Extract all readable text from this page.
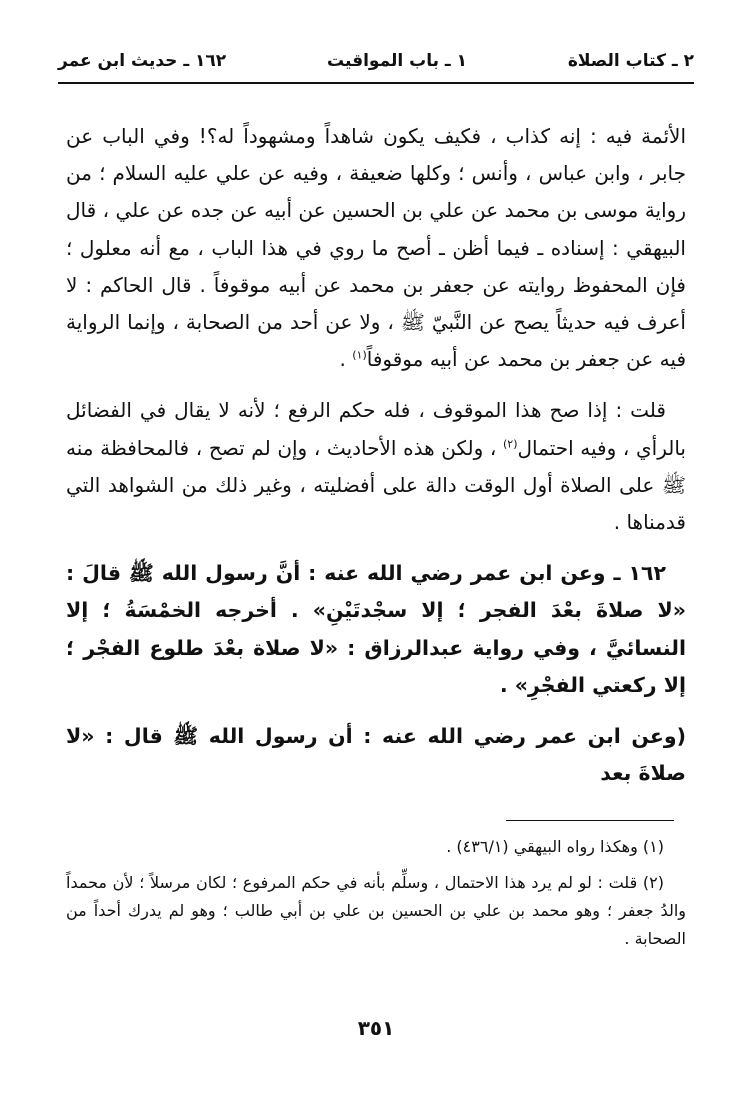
٢ ـ كتاب الصلاة
١ ـ باب المواقيت
١٦٢ ـ حديث ابن عمر

الأئمة فيه : إنه كذاب ، فكيف يكون شاهداً ومشهوداً له؟! وفي الباب عن جابر ، وابن عباس ، وأنس ؛ وكلها ضعيفة ، وفيه عن علي عليه السلام ؛ من رواية موسى بن محمد عن علي بن الحسين عن أبيه عن جده عن علي ، قال البيهقي : إسناده ـ فيما أظن ـ أصح ما روي في هذا الباب ، مع أنه معلول ؛ فإن المحفوظ روايته عن جعفر بن محمد عن أبيه موقوفاً . قال الحاكم : لا أعرف فيه حديثاً يصح عن النَّبيّ ﷺ ، ولا عن أحد من الصحابة ، وإنما الرواية فيه عن جعفر بن محمد عن أبيه موقوفاً$^{(١)}$ .

قلت : إذا صح هذا الموقوف ، فله حكم الرفع ؛ لأنه لا يقال في الفضائل بالرأي ، وفيه احتمال$^{(٢)}$ ، ولكن هذه الأحاديث ، وإن لم تصح ، فالمحافظة منه ﷺ على الصلاة أول الوقت دالة على أفضليته ، وغير ذلك من الشواهد التي قدمناها .

١٦٢ ـ وعن ابن عمر رضي الله عنه : أنَّ رسول الله ﷺ قالَ : «لا صلاةَ بعْدَ الفجر ؛ إلا سجْدتَيْنِ» . أخرجه الخمْسَةُ ؛ إلا النسائيَّ ، وفي رواية عبدالرزاق : «لا صلاة بعْدَ طلوع الفجْر ؛ إلا ركعتي الفجْرِ» .

(وعن ابن عمر رضي الله عنه : أن رسول الله ﷺ قال : «لا صلاةَ بعد

(١) وهكذا رواه البيهقي (٤٣٦/١) .

(٢) قلت : لو لم يرد هذا الاحتمال ، وسلِّم بأنه في حكم المرفوع ؛ لكان مرسلاً ؛ لأن محمداً والدُ جعفر ؛ وهو محمد بن علي بن الحسين بن علي بن أبي طالب ؛ وهو لم يدرك أحداً من الصحابة .

٣٥١
